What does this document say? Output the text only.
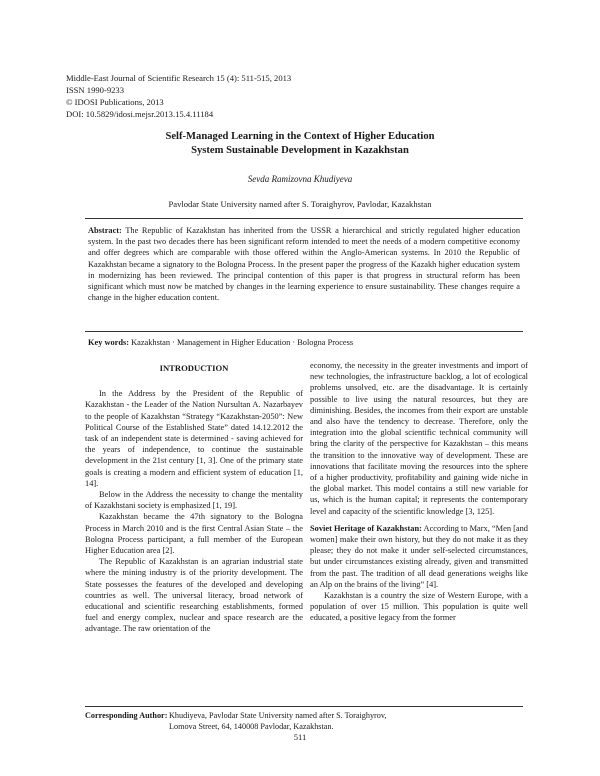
Middle-East Journal of Scientific Research 15 (4): 511-515, 2013
ISSN 1990-9233
© IDOSI Publications, 2013
DOI: 10.5829/idosi.mejsr.2013.15.4.11184
Self-Managed Learning in the Context of Higher Education
System Sustainable Development in Kazakhstan
Sevda Ramizovna Khudiyeva
Pavlodar State University named after S. Toraighyrov, Pavlodar, Kazakhstan
Abstract: The Republic of Kazakhstan has inherited from the USSR a hierarchical and strictly regulated higher education system. In the past two decades there has been significant reform intended to meet the needs of a modern competitive economy and offer degrees which are comparable with those offered within the Anglo-American systems. In 2010 the Republic of Kazakhstan became a signatory to the Bologna Process. In the present paper the progress of the Kazakh higher education system in modernizing has been reviewed. The principal contention of this paper is that progress in structural reform has been significant which must now be matched by changes in the learning experience to ensure sustainability. These changes require a change in the higher education content.
Key words: Kazakhstan · Management in Higher Education · Bologna Process
INTRODUCTION

In the Address by the President of the Republic of Kazakhstan - the Leader of the Nation Nursultan A. Nazarbayev to the people of Kazakhstan “Strategy “Kazakhstan-2050”: New Political Course of the Established State” dated 14.12.2012 the task of an independent state is determined - saving achieved for the years of independence, to continue the sustainable development in the 21st century [1, 3]. One of the primary state goals is creating a modern and efficient system of education [1, 14].

Below in the Address the necessity to change the mentality of Kazakhstani society is emphasized [1, 19].

Kazakhstan became the 47th signatory to the Bologna Process in March 2010 and is the first Central Asian State – the Bologna Process participant, a full member of the European Higher Education area [2].

The Republic of Kazakhstan is an agrarian industrial state where the mining industry is of the priority development. The State possesses the features of the developed and developing countries as well. The universal literacy, broad network of educational and scientific researching establishments, formed fuel and energy complex, nuclear and space research are the advantage. The raw orientation of the

economy, the necessity in the greater investments and import of new technologies, the infrastructure backlog, a lot of ecological problems unsolved, etc. are the disadvantage. It is certainly possible to live using the natural resources, but they are diminishing. Besides, the incomes from their export are unstable and also have the tendency to decrease. Therefore, only the integration into the global scientific technical community will bring the clarity of the perspective for Kazakhstan – this means the transition to the innovative way of development. These are innovations that facilitate moving the resources into the sphere of a higher productivity, profitability and gaining wide niche in the global market. This model contains a still new variable for us, which is the human capital; it represents the contemporary level and capacity of the scientific knowledge [3, 125].

Soviet Heritage of Kazakhstan: According to Marx, “Men [and women] make their own history, but they do not make it as they please; they do not make it under self-selected circumstances, but under circumstances existing already, given and transmitted from the past. The tradition of all dead generations weighs like an Alp on the brains of the living” [4].

Kazakhstan is a country the size of Western Europe, with a population of over 15 million. This population is quite well educated, a positive legacy from the former

Corresponding Author: Khudiyeva, Pavlodar State University named after S. Toraighyrov,
Lomova Street, 64, 140008 Pavlodar, Kazakhstan.
511
